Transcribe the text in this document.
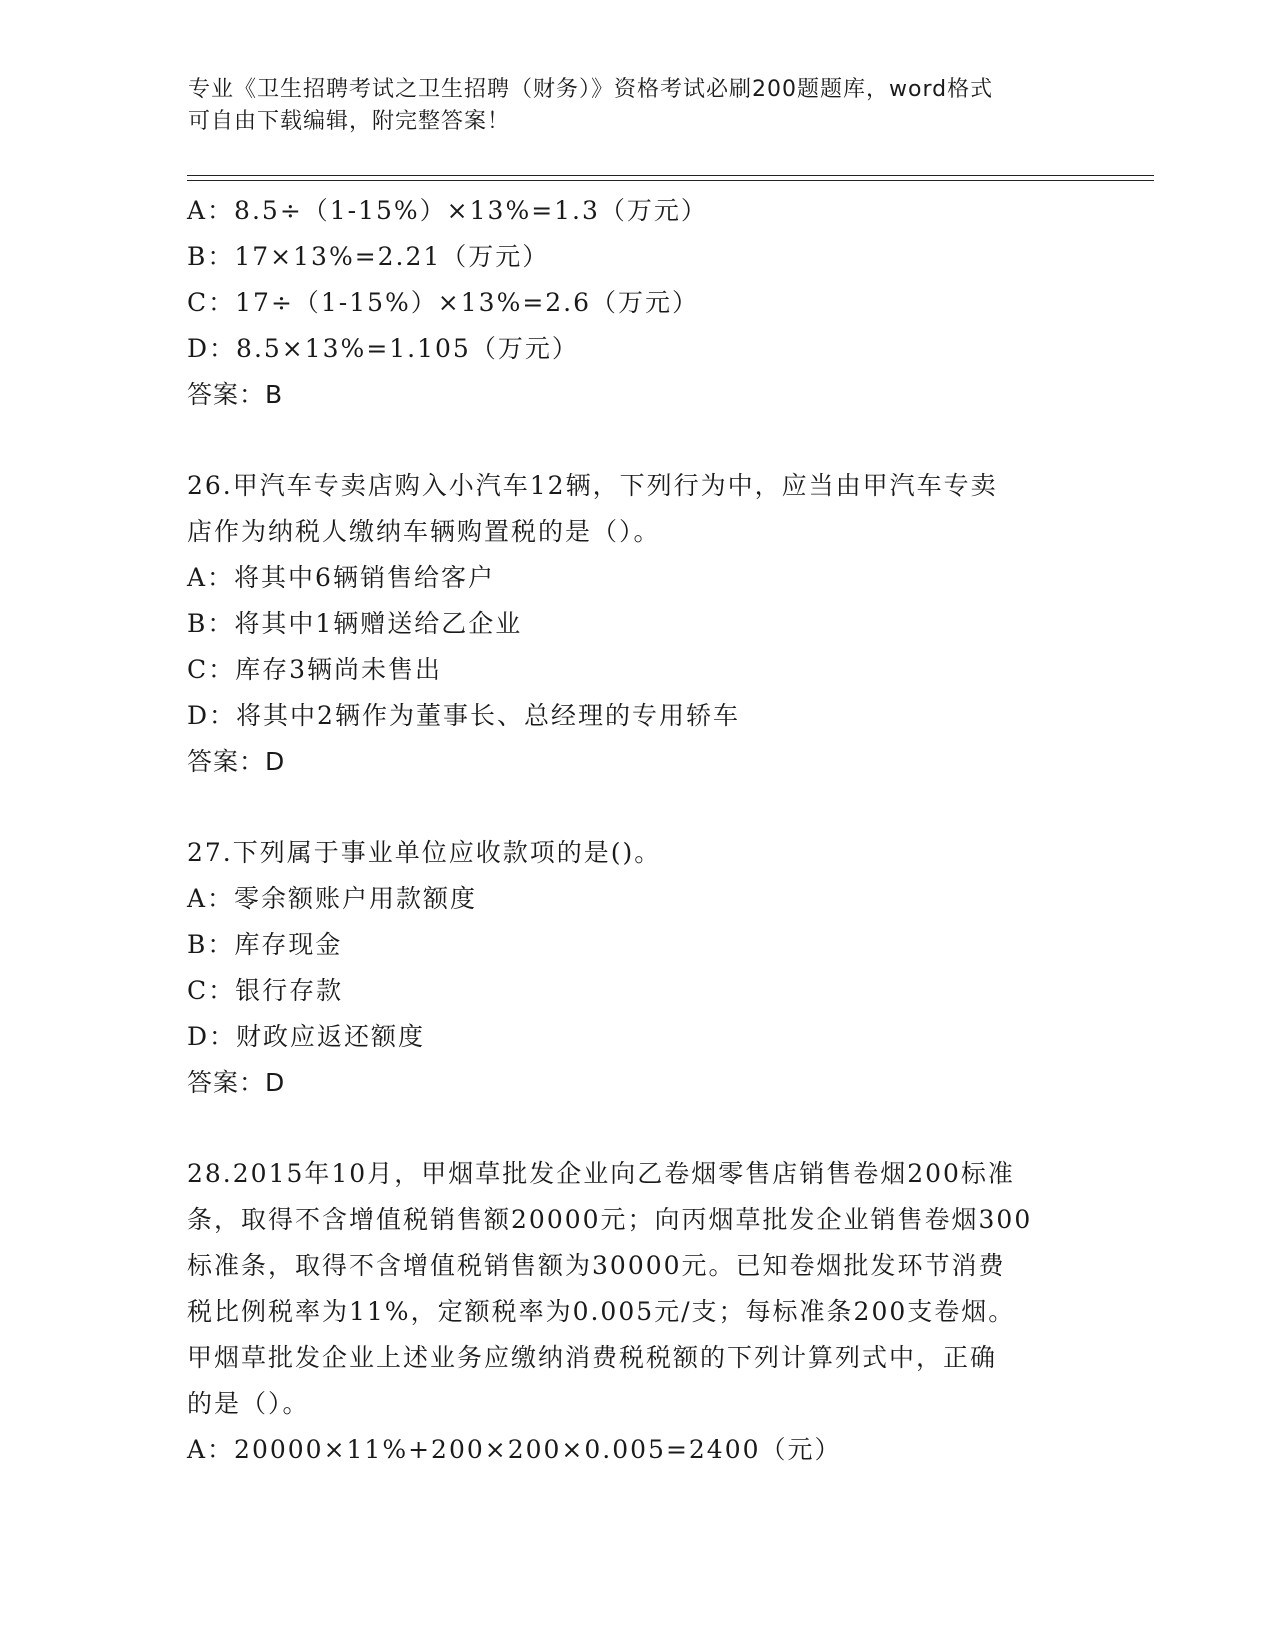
专业《卫生招聘考试之卫生招聘（财务）》资格考试必刷200题题库，word格式
可自由下载编辑，附完整答案！
A：8.5÷（1-15%）×13%=1.3（万元）
B：17×13%=2.21（万元）
C：17÷（1-15%）×13%=2.6（万元）
D：8.5×13%=1.105（万元）
答案：B
26.甲汽车专卖店购入小汽车12辆，下列行为中，应当由甲汽车专卖
店作为纳税人缴纳车辆购置税的是（）。
A：将其中6辆销售给客户
B：将其中1辆赠送给乙企业
C：库存3辆尚未售出
D：将其中2辆作为董事长、总经理的专用轿车
答案：D
27.下列属于事业单位应收款项的是()。
A：零余额账户用款额度
B：库存现金
C：银行存款
D：财政应返还额度
答案：D
28.2015年10月，甲烟草批发企业向乙卷烟零售店销售卷烟200标准
条，取得不含增值税销售额20000元；向丙烟草批发企业销售卷烟300
标准条，取得不含增值税销售额为30000元。已知卷烟批发环节消费
税比例税率为11%，定额税率为0.005元/支；每标准条200支卷烟。
甲烟草批发企业上述业务应缴纳消费税税额的下列计算列式中，正确
的是（）。
A：20000×11%+200×200×0.005=2400（元）
